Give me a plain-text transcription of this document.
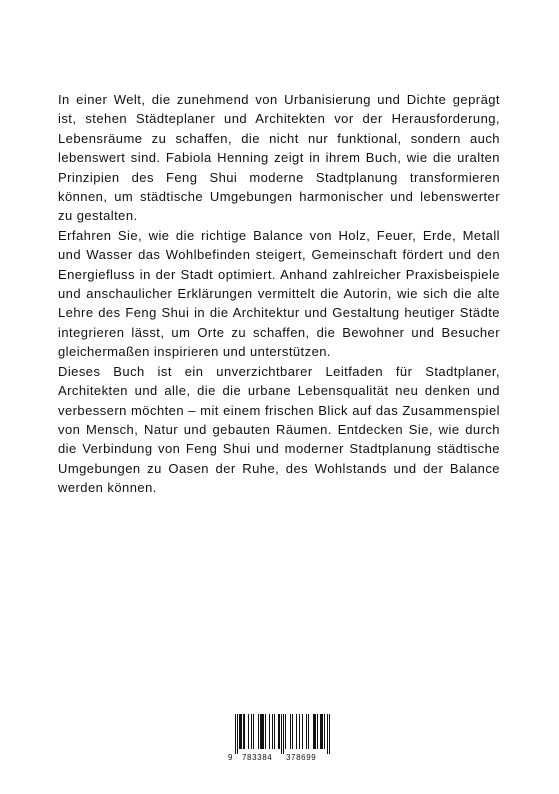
In einer Welt, die zunehmend von Urbanisierung und Dichte geprägt ist, stehen Städteplaner und Architekten vor der Herausforderung, Lebensräume zu schaffen, die nicht nur funktional, sondern auch lebenswert sind. Fabiola Henning zeigt in ihrem Buch, wie die uralten Prinzipien des Feng Shui moderne Stadtplanung transformieren können, um städtische Umgebungen harmonischer und lebenswerter zu gestalten.

Erfahren Sie, wie die richtige Balance von Holz, Feuer, Erde, Metall und Wasser das Wohlbefinden steigert, Gemeinschaft fördert und den Energiefluss in der Stadt optimiert. Anhand zahlreicher Praxisbeispiele und anschaulicher Erklärungen vermittelt die Autorin, wie sich die alte Lehre des Feng Shui in die Architektur und Gestaltung heutiger Städte integrieren lässt, um Orte zu schaffen, die Bewohner und Besucher gleichermaßen inspirieren und unterstützen.

Dieses Buch ist ein unverzichtbarer Leitfaden für Stadtplaner, Architekten und alle, die die urbane Lebensqualität neu denken und verbessern möchten – mit einem frischen Blick auf das Zusammenspiel von Mensch, Natur und gebauten Räumen. Entdecken Sie, wie durch die Verbindung von Feng Shui und moderner Stadtplanung städtische Umgebungen zu Oasen der Ruhe, des Wohlstands und der Balance werden können.

9 783384 378699
